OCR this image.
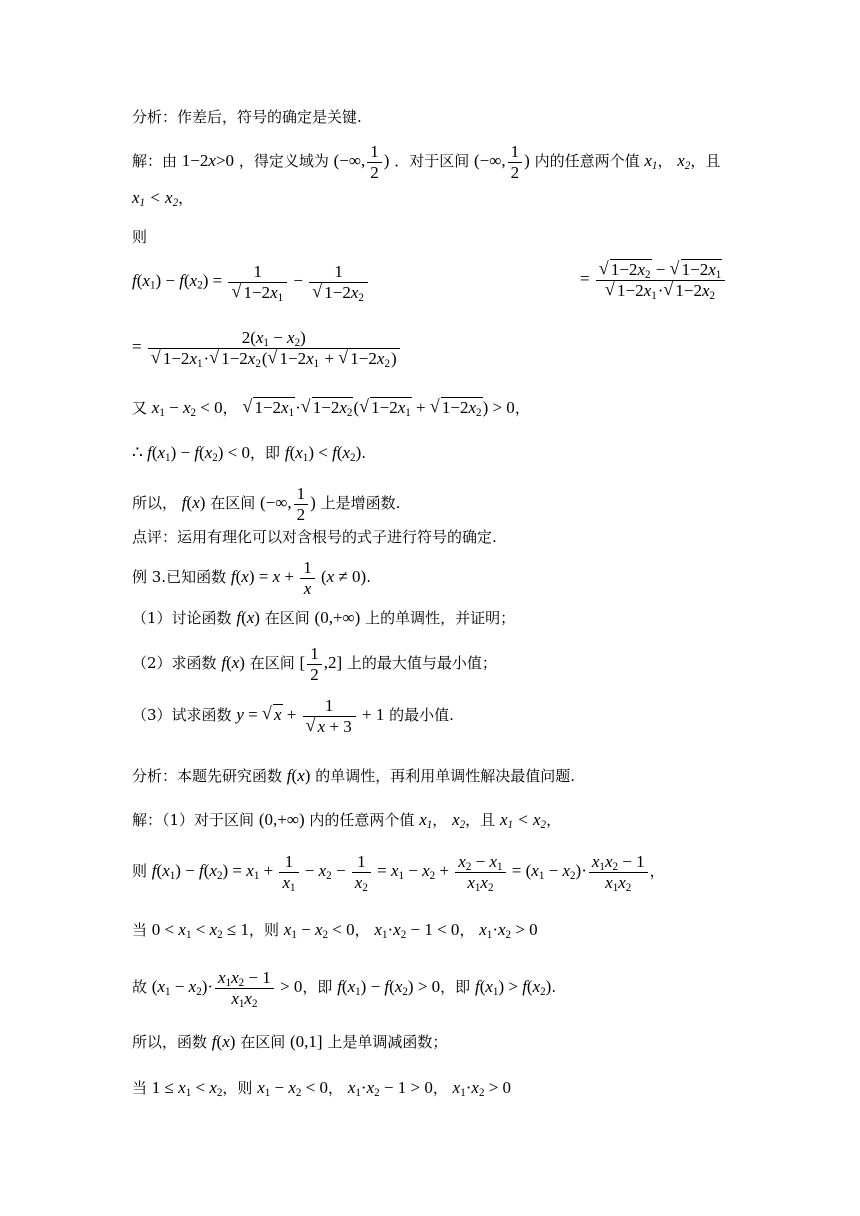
分析：作差后，符号的确定是关键.
解：由 1−2x>0 ，得定义域为 (−∞, $\frac{1}{2}$ ) ．对于区间 (−∞, $\frac{1}{2}$ ) 内的任意两个值 $x_1$， $x_2$，且
$x_1 < x_2$，
则
$f(x_1) - f(x_2) = 1$
√ $1-2x_1 - 1$
√ $1-2x_2$	=
√ $1-2x_2$ − √ $1-2x_1$
√ $1-2x_1\cdot√$ $1-2x_2$
= $2(x_1 - x_2)$
√ $1-2x_1\cdot√$ $1-2x_2(√$ $1-2x_1$ + √ $1-2x_2$)
又 $x_1 - x_2 < 0$， √ $1-2x_1\cdot√$ $1-2x_2(√$ $1-2x_1$ + √ $1-2x_2) > 0$，
∴ $f(x_1) - f(x_2) < 0$，即 $f(x_1) < f(x_2)$.
所以， f(x) 在区间 (−∞, $\frac{1}{2}$ ) 上是增函数.
点评：运用有理化可以对含根号的式子进行符号的确定.
例 3.已知函数 $f(x) = x + \frac{1}{x} (x \ne 0)$.
（1）讨论函数 f(x) 在区间 (0,+∞) 上的单调性，并证明；
（2）求函数 f(x) 在区间 [ $\frac{1}{2} ,2$] 上的最大值与最小值；
（3）试求函数 y = √ x + 1
√ x + 3 + 1 的最小值.
分析：本题先研究函数 f(x) 的单调性，再利用单调性解决最值问题.
解：（1）对于区间 (0,+∞) 内的任意两个值 $x_1$， $x_2$，且 $x_1 < x_2$，
则 $f(x_1) - f(x_2) = x_1 + \frac{1}{x_1} - x_2 - \frac{1}{x_2} = x_1 - x_2 + \frac{x_2 - x_1}{x_1x_2} = (x_1 - x_2)\cdot \frac{x_1x_2 - 1}{x_1x_2}$ ，
当 $0 < x_1 < x_2 \le 1$，则 $x_1 - x_2 < 0$， $x_1\cdot x_2 - 1 < 0$， $x_1\cdot x_2 > 0$
故 $(x_1 - x_2)\cdot \frac{x_1x_2 - 1}{x_1x_2} > 0$，即 $f(x_1) - f(x_2) > 0$，即 $f(x_1) > f(x_2)$.
所以，函数 f(x) 在区间 (0,1] 上是单调减函数；
当 $1 \le x_1 < x_2$，则 $x_1 - x_2 < 0$， $x_1\cdot x_2 - 1 > 0$， $x_1\cdot x_2 > 0$
